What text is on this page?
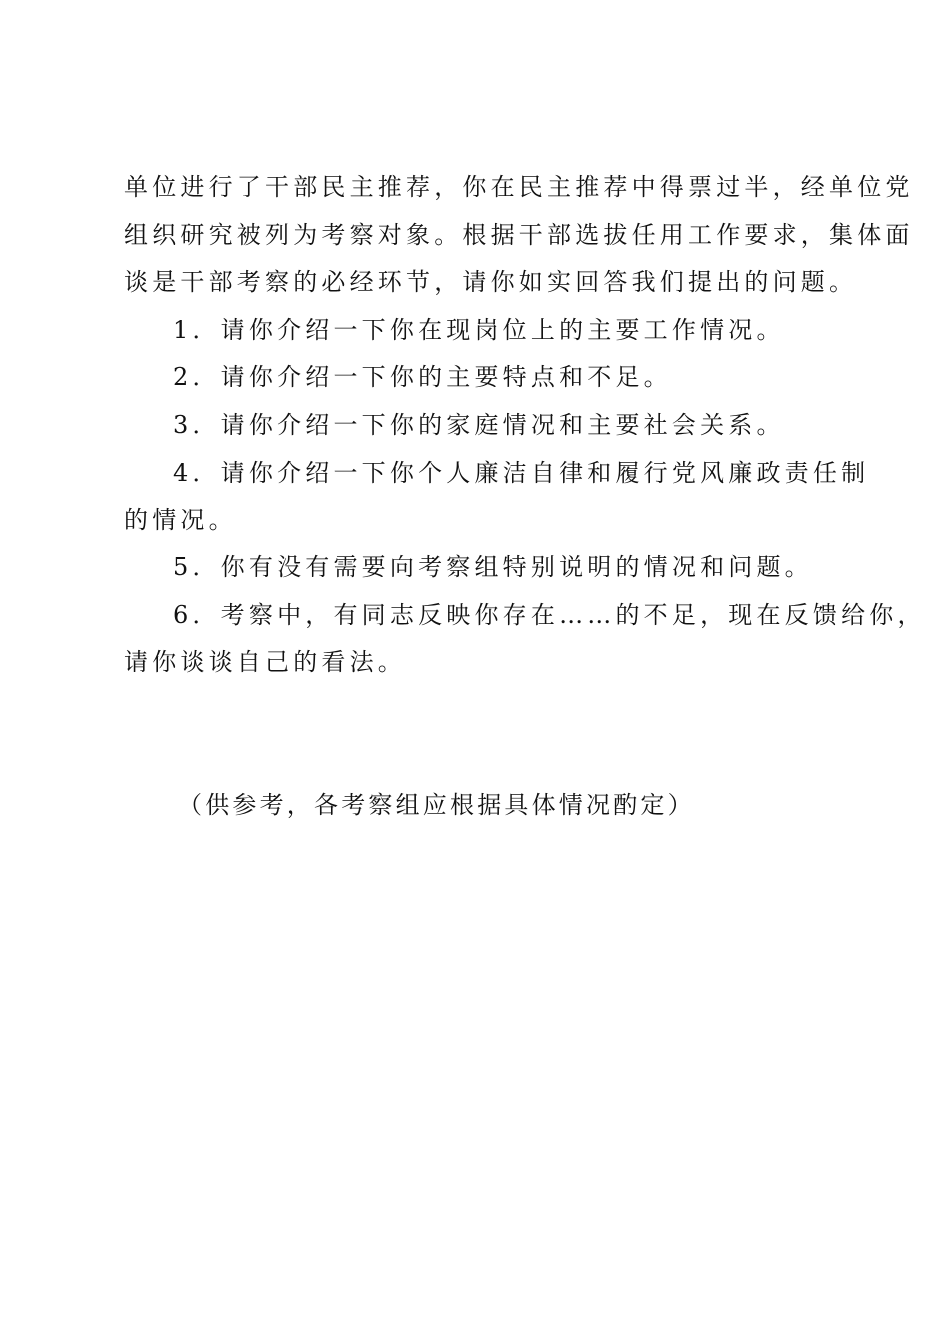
单位进行了干部民主推荐，你在民主推荐中得票过半，经单位党
组织研究被列为考察对象。根据干部选拔任用工作要求，集体面
谈是干部考察的必经环节，请你如实回答我们提出的问题。
1．请你介绍一下你在现岗位上的主要工作情况。
2．请你介绍一下你的主要特点和不足。
3．请你介绍一下你的家庭情况和主要社会关系。
4．请你介绍一下你个人廉洁自律和履行党风廉政责任制
的情况。
5．你有没有需要向考察组特别说明的情况和问题。
6．考察中，有同志反映你存在……的不足，现在反馈给你，
请你谈谈自己的看法。
（供参考，各考察组应根据具体情况酌定）
